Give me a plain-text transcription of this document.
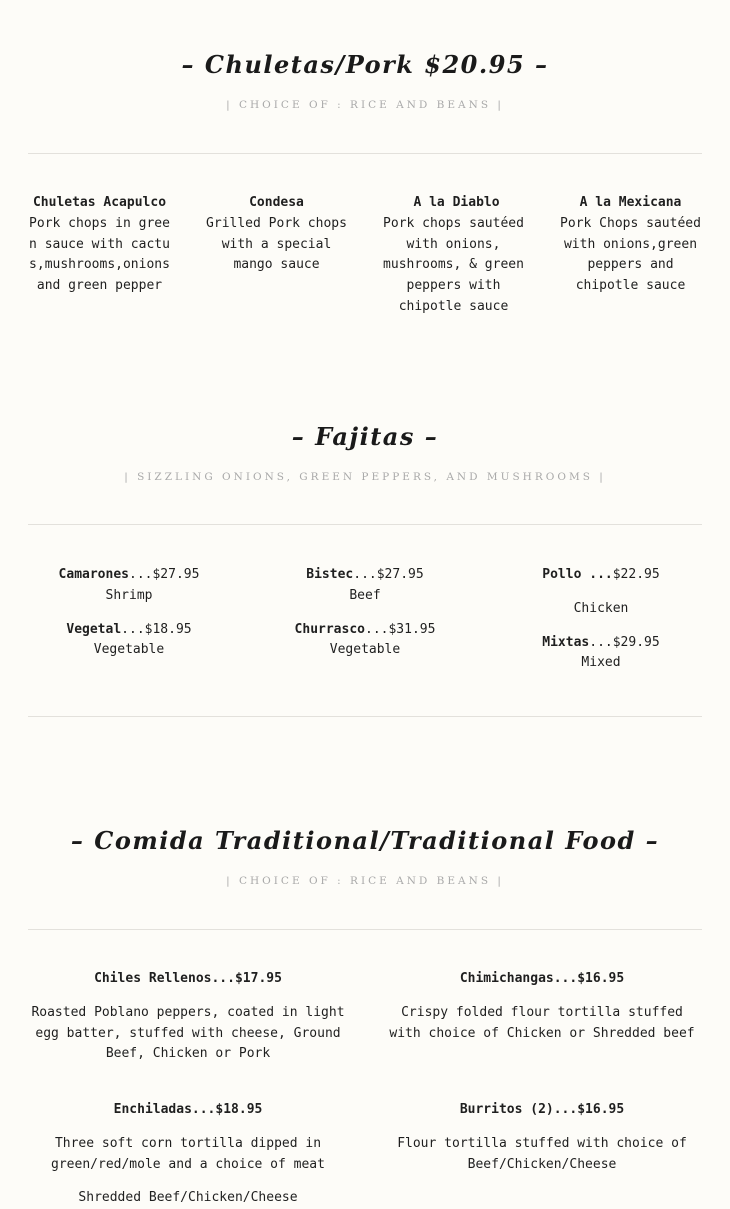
– Chuletas/Pork $20.95 –

| CHOICE OF : RICE AND BEANS |

Chuletas Acapulco
Pork chops in green sauce with cactus,mushrooms,onions and green pepper
Condesa
Grilled Pork chops with a special mango sauce
A la Diablo
Pork chops sautéed with onions, mushrooms, & green peppers with chipotle sauce
A la Mexicana
Pork Chops sautéed with onions,green peppers and chipotle sauce
– Fajitas –

| SIZZLING ONIONS, GREEN PEPPERS, AND MUSHROOMS |

Camarones...$27.95
Shrimp
Vegetal...$18.95
Vegetable
Bistec...$27.95
Beef
Churrasco...$31.95
Vegetable
Pollo ...$22.95
Chicken
Mixtas...$29.95
Mixed
– Comida Traditional/Traditional Food –

| CHOICE OF : RICE AND BEANS |

Chiles Rellenos...$17.95
Roasted Poblano peppers, coated in light egg batter, stuffed with cheese, Ground Beef, Chicken or Pork
Chimichangas...$16.95
Crispy folded flour tortilla stuffed with choice of Chicken or Shredded beef
Enchiladas...$18.95
Three soft corn tortilla dipped in green/red/mole and a choice of meat
Shredded Beef/Chicken/Cheese
Burritos (2)...$16.95
Flour tortilla stuffed with choice of Beef/Chicken/Cheese
